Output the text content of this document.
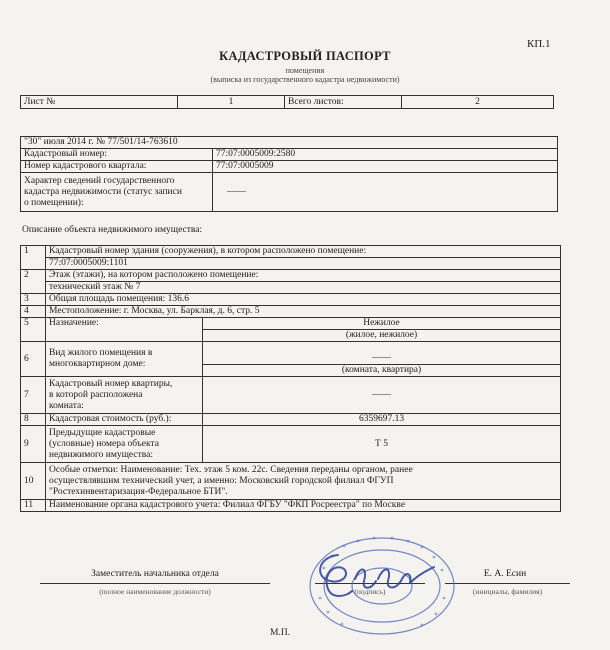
КП.1
КАДАСТРОВЫЙ ПАСПОРТ
помещения
(выписка из государственного кадастра недвижимости)
Лист №	1	Всего листов:	2
"30" июля 2014 г. № 77/501/14-763610	
Кадастровый номер:	77:07:0005009:2580
Номер кадастрового квартала:	77:07:0005009

Характер сведений государственного
кадастра недвижимости (статус записи
о помещении):	——
Описание объекта недвижимого имущества:
1	Кадастровый номер здания (сооружения), в котором расположено помещение:	
	77:07:0005009:1101	
2	Этаж (этажи), на котором расположено помещение:	
	технический этаж № 7	
3	Общая площадь помещения: 136.6	
4	Местоположение: г. Москва, ул. Барклая, д. 6, стр. 5	
5	Назначение:	Нежилое
		(жилое, нежилое)
6	Вид жилого помещения в
многоквартирном доме:	——
		(комната, квартира)
7	Кадастровый номер квартиры,
в которой расположена
комната:	——
8	Кадастровая стоимость (руб.):	6359697.13
9	Предыдущие кадастровые
(условные) номера объекта
недвижимого имущества:	Т 5
10	Особые отметки: Наименование: Тех. этаж 5 ком. 22с. Сведения переданы органом, ранее
осуществлявшим технический учет, а именно: Московский городской филиал ФГУП
"Ростехинвентаризация-Федеральное БТИ".	

11	Наименование органа кадастрового учета: Филиал ФГБУ "ФКП Росреестра" по Москве	
Заместитель начальника отдела
(полное наименование должности)	(подпись)
Е. А. Есин
(инициалы, фамилия)
М.П.
